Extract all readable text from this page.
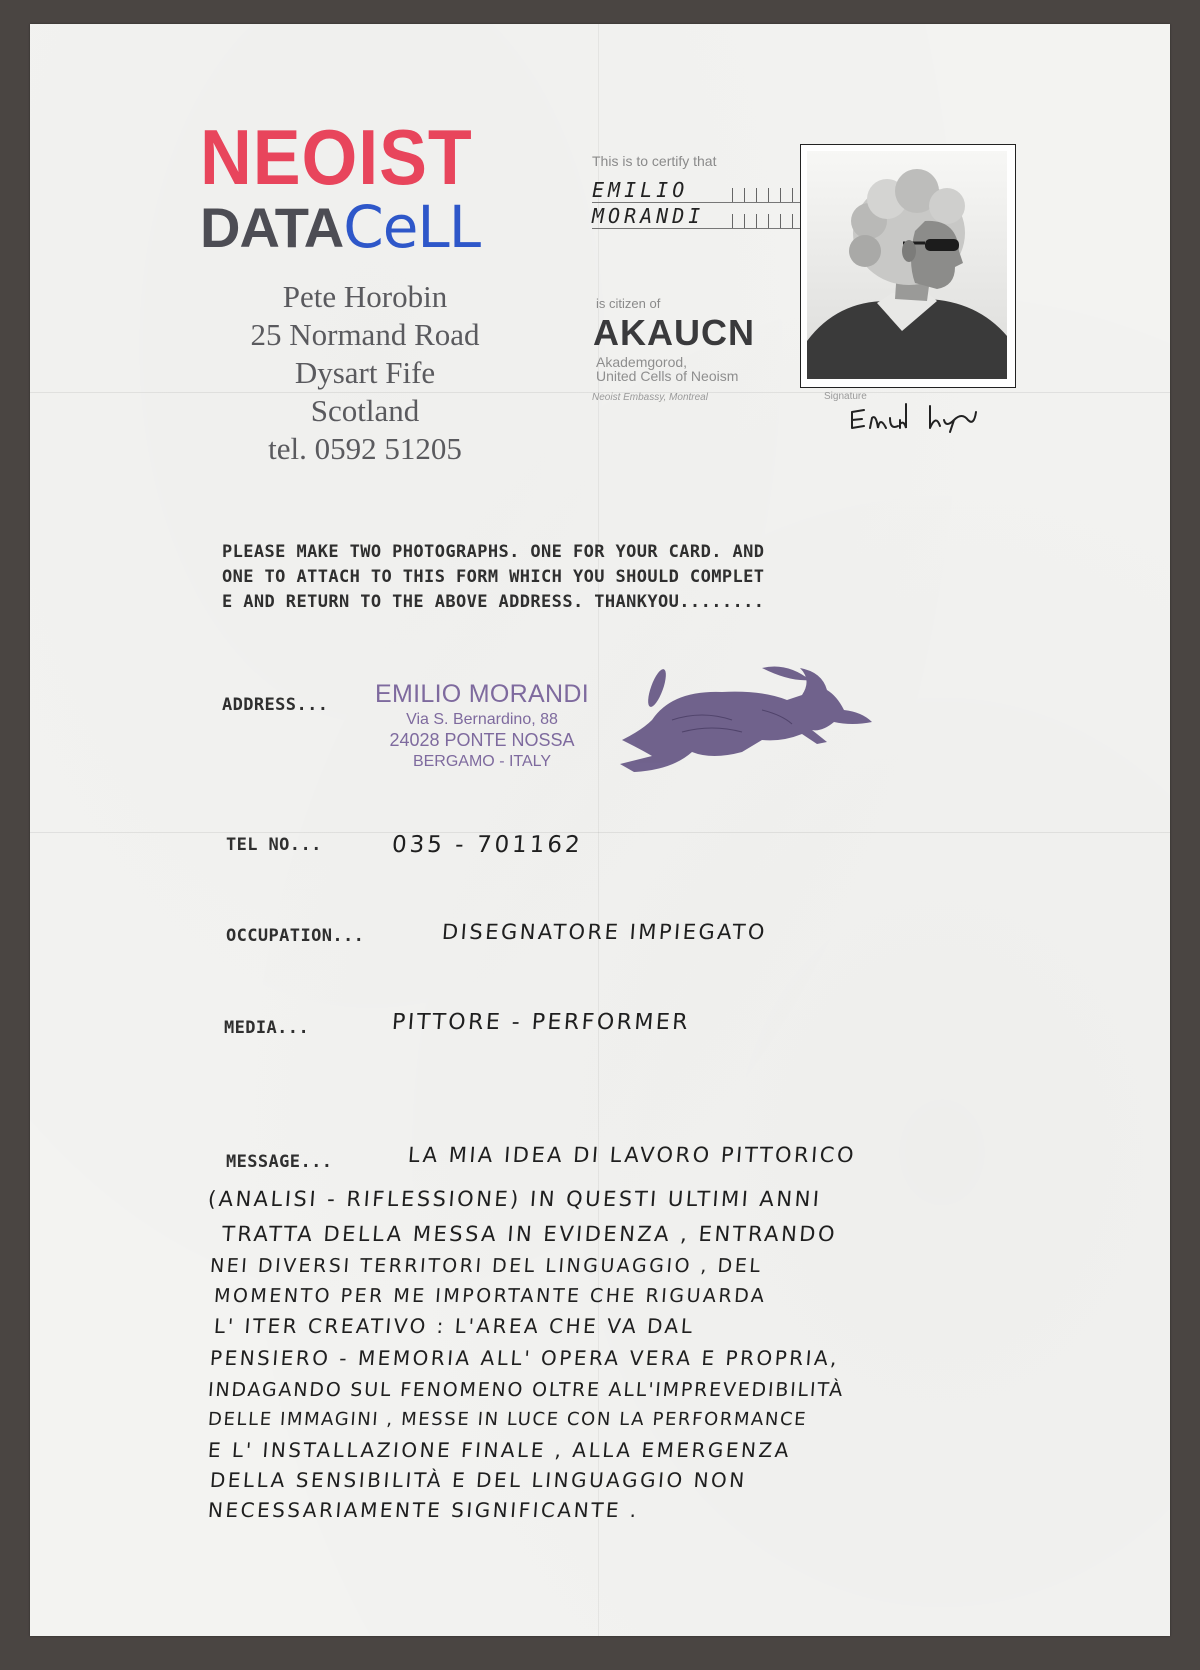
NEOIST
DATACeLL
Pete Horobin
25 Normand Road
Dysart Fife
Scotland
tel. 0592 51205
This is to certify that
EMILIO
MORANDI
is citizen of
AKAUCN
Akademgorod,
United Cells of Neoism
Neoist Embassy, Montreal	Signature
PLEASE MAKE TWO PHOTOGRAPHS. ONE FOR YOUR CARD. AND
ONE TO ATTACH TO THIS FORM WHICH YOU SHOULD COMPLET
E AND RETURN TO THE ABOVE ADDRESS. THANKYOU........
ADDRESS... EMILIO MORANDI
Via S. Bernardino, 88
24028 PONTE NOSSA
BERGAMO - ITALY
TEL NO...	035 - 701162
OCCUPATION...	DISEGNATORE IMPIEGATO
MEDIA...	PITTORE - PERFORMER
MESSAGE...	LA MIA IDEA DI LAVORO PITTORICO
(ANALISI - RIFLESSIONE) IN QUESTI ULTIMI ANNI
TRATTA DELLA MESSA IN EVIDENZA , ENTRANDO
NEI DIVERSI TERRITORI DEL LINGUAGGIO , DEL
MOMENTO PER ME IMPORTANTE CHE RIGUARDA
L' ITER CREATIVO : L'AREA CHE VA DAL
PENSIERO - MEMORIA ALL' OPERA VERA E PROPRIA,
INDAGANDO SUL FENOMENO OLTRE ALL'IMPREVEDIBILITÀ
DELLE IMMAGINI , MESSE IN LUCE CON LA PERFORMANCE
E L' INSTALLAZIONE FINALE , ALLA EMERGENZA
DELLA SENSIBILITÀ E DEL LINGUAGGIO NON
NECESSARIAMENTE SIGNIFICANTE .
